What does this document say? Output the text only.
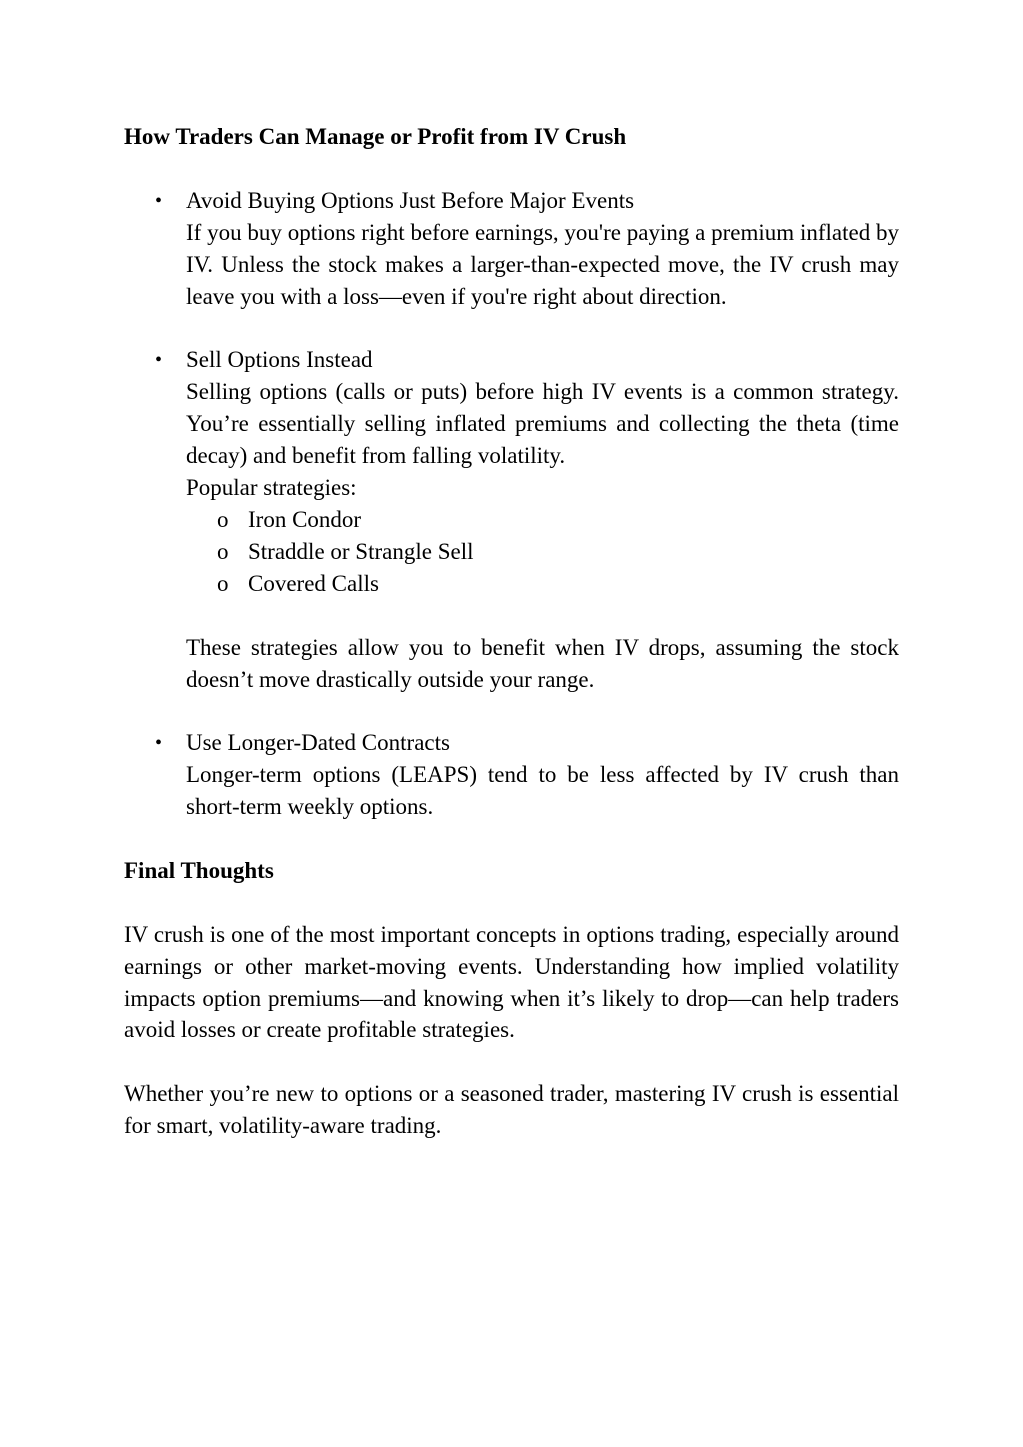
How Traders Can Manage or Profit from IV Crush
•	Avoid Buying Options Just Before Major Events

If you buy options right before earnings, you're paying a premium inflated by IV. Unless the stock makes a larger-than-expected move, the IV crush may leave you with a loss—even if you're right about direction.

•	Sell Options Instead

Selling options (calls or puts) before high IV events is a common strategy. You’re essentially selling inflated premiums and collecting the theta (time decay) and benefit from falling volatility.

Popular strategies:

o Iron Condor
o Straddle or Strangle Sell
o Covered Calls

These strategies allow you to benefit when IV drops, assuming the stock doesn’t move drastically outside your range.

•	Use Longer-Dated Contracts

Longer-term options (LEAPS) tend to be less affected by IV crush than short-term weekly options.

Final Thoughts

IV crush is one of the most important concepts in options trading, especially around earnings or other market-moving events. Understanding how implied volatility impacts option premiums—and knowing when it’s likely to drop—can help traders avoid losses or create profitable strategies.

Whether you’re new to options or a seasoned trader, mastering IV crush is essential for smart, volatility-aware trading.
